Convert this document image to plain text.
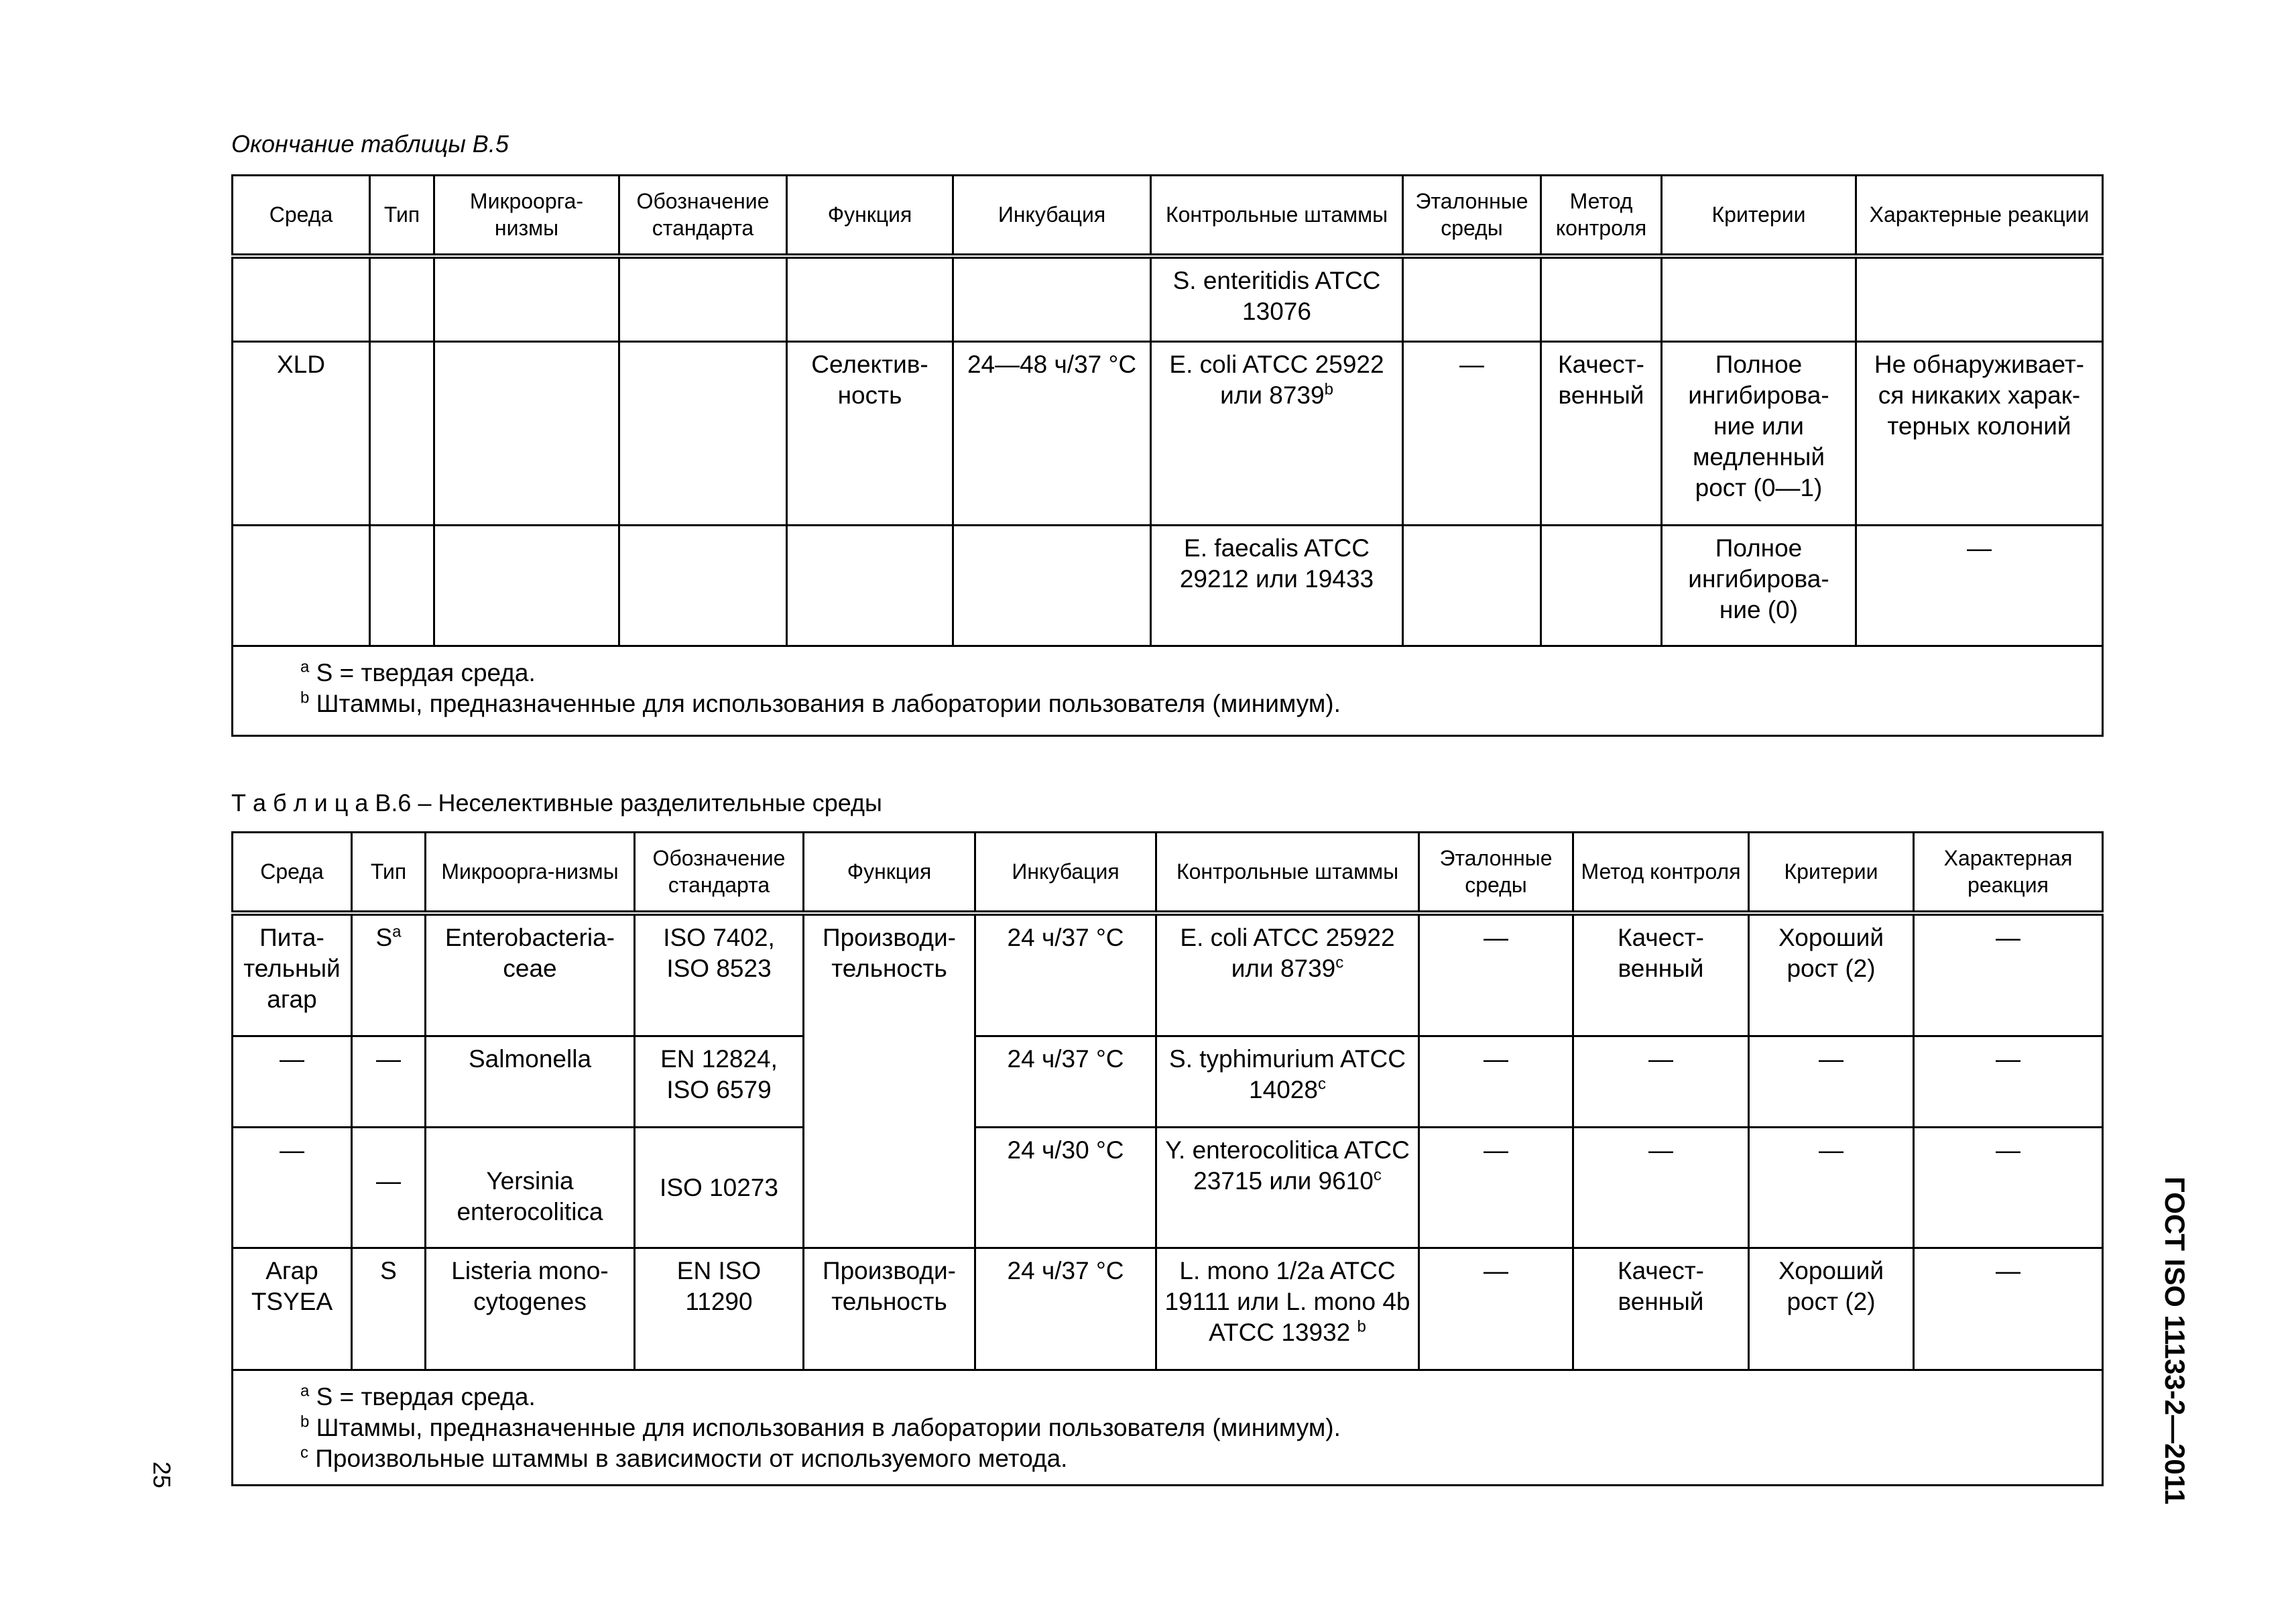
Окончание таблицы В.5
Среда	Тип	Микроорга-низмы	Обозначение стандарта	Функция	Инкубация	Контрольные штаммы	Эталонные среды	Метод контроля	Критерии	Характерные реакции
						S. enteritidis ATCC 13076				
XLD				Селектив-ность	24—48 ч/37 °С	E. coli ATCC 25922 или 8739$^b$	—	Качест-венный	Полное ингибирова-ние или медленный рост (0—1)	Не обнаруживает-ся никаких харак-терных колоний
						E. faecalis ATCC 29212 или 19433			Полное ингибирова-ние (0)	—

$^a$ S = твердая среда.
$^b$ Штаммы, предназначенные для использования в лаборатории пользователя (минимум).										
Т а б л и ц а В.6 – Неселективные разделительные среды
Среда	Тип	Микроорга-низмы	Обозначение стандарта	Функция	Инкубация	Контрольные штаммы	Эталонные среды	Метод контроля	Критерии	Характерная реакция
Пита-тельный агар	$S^a$	Enterobacteria-ceae	ISO 7402, ISO 8523	Производи-тельность	24 ч/37 °С	E. coli ATCC 25922 или 8739$^c$	—	Качест-венный	Хороший рост (2)	—
—	—	Salmonella	EN 12824, ISO 6579		24 ч/37 °С	S. typhimurium ATCC 14028$^c$	—	—	—	—
—	—	Yersinia enterocolitica	ISO 10273		24 ч/30 °С	Y. enterocolitica ATCC 23715 или 9610$^c$	—	—	—	—
Агар TSYEA	S	Listeria mono-cytogenes	EN ISO 11290	Производи-тельность	24 ч/37 °С	L. mono 1/2a ATCC 19111 или L. mono 4b ATCC 13932 $^b$	—	Качест-венный	Хороший рост (2)	—

$^a$ S = твердая среда.
$^b$ Штаммы, предназначенные для использования в лаборатории пользователя (минимум).
$^c$ Произвольные штаммы в зависимости от используемого метода.										
25	ГОСТ ISO 11133-2—2011
